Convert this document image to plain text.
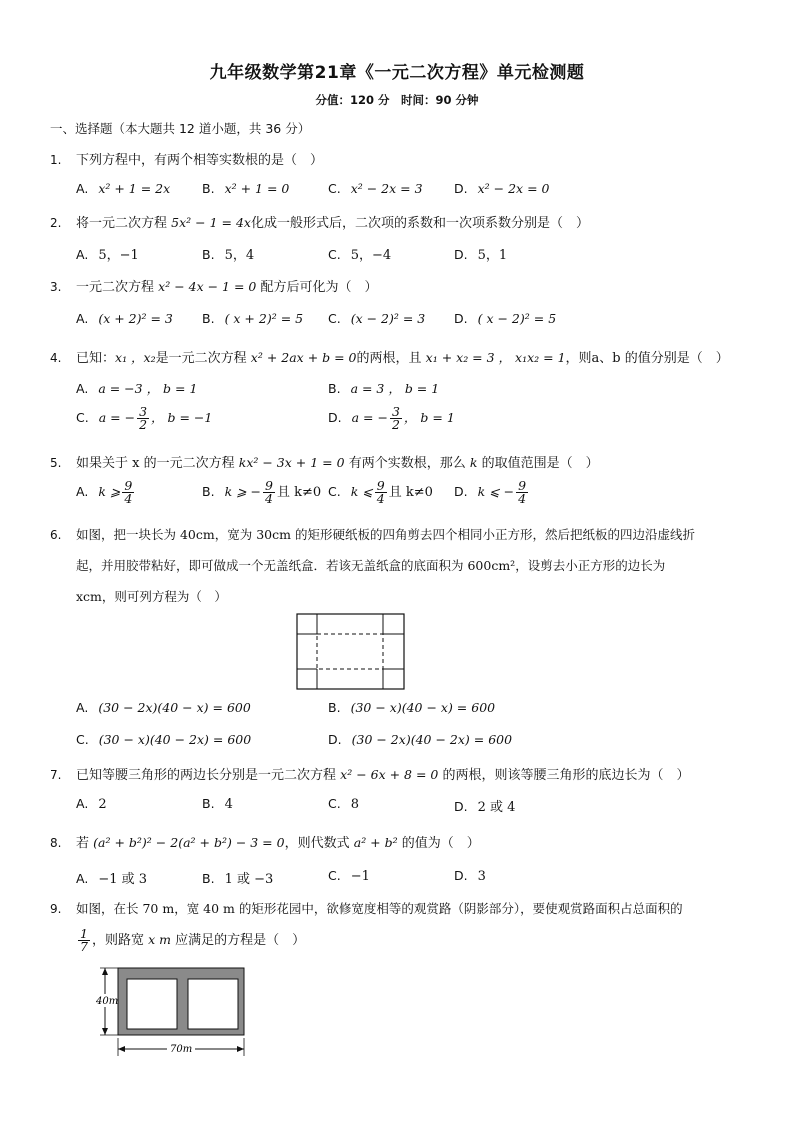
九年级数学第21章《一元二次方程》单元检测题
分值：120 分　时间：90 分钟
一、选择题（本大题共 12 道小题，共 36 分）
1. 下列方程中，有两个相等实数根的是（　）
A. x² + 1 = 2x	B. x² + 1 = 0	C. x² − 2x = 3	D. x² − 2x = 0
2. 将一元二次方程 5x² − 1 = 4x化成一般形式后，二次项的系数和一次项系数分别是（　）
A. 5，−1	B. 5，4	C. 5，−4	D. 5，1
3. 一元二次方程 x² − 4x − 1 = 0 配方后可化为（　）
A. (x + 2)² = 3 B. ( x + 2)² = 5 C. (x − 2)² = 3 D. ( x − 2)² = 5
4. 已知：x₁ ，x₂是一元二次方程 x² + 2ax + b = 0的两根，且 x₁ + x₂ = 3 ， x₁x₂ = 1，则a、b 的值分别是（　）
A. a = −3 ， b = 1	B. a = 3 ， b = 1
C. a = − $\frac{3}{2}$ ， b = −1	D. a = − $\frac{3}{2}$ ， b = 1
5. 如果关于 x 的一元二次方程 kx² − 3x + 1 = 0 有两个实数根，那么 k 的取值范围是（　）
A. k ⩾ $\frac{9}{4}$	B. k ⩾ − $\frac{9}{4}$ 且 k≠0 C. k ⩽ $\frac{9}{4}$ 且 k≠0 D. k ⩽ − $\frac{9}{4}$
6. 如图，把一块长为 40cm，宽为 30cm 的矩形硬纸板的四角剪去四个相同小正方形，然后把纸板的四边沿虚线折
起，并用胶带粘好，即可做成一个无盖纸盒．若该无盖纸盒的底面积为 600cm²，设剪去小正方形的边长为
xcm，则可列方程为（　）
A. (30 − 2x)(40 − x) = 600	B. (30 − x)(40 − x) = 600
C. (30 − x)(40 − 2x) = 600	D. (30 − 2x)(40 − 2x) = 600
7. 已知等腰三角形的两边长分别是一元二次方程 x² − 6x + 8 = 0 的两根，则该等腰三角形的底边长为（　）
A. 2	B. 4	C. 8	D. 2 或 4
8. 若 (a² + b²)² − 2(a² + b²) − 3 = 0，则代数式 a² + b² 的值为（　）
A. −1 或 3	B. 1 或 −3	C. −1	D. 3
9. 如图，在长 70 m，宽 40 m 的矩形花园中，欲修宽度相等的观赏路（阴影部分），要使观赏路面积占总面积的
$\frac{1}{7}$ ，则路宽 x m 应满足的方程是（　）
40m
70m
